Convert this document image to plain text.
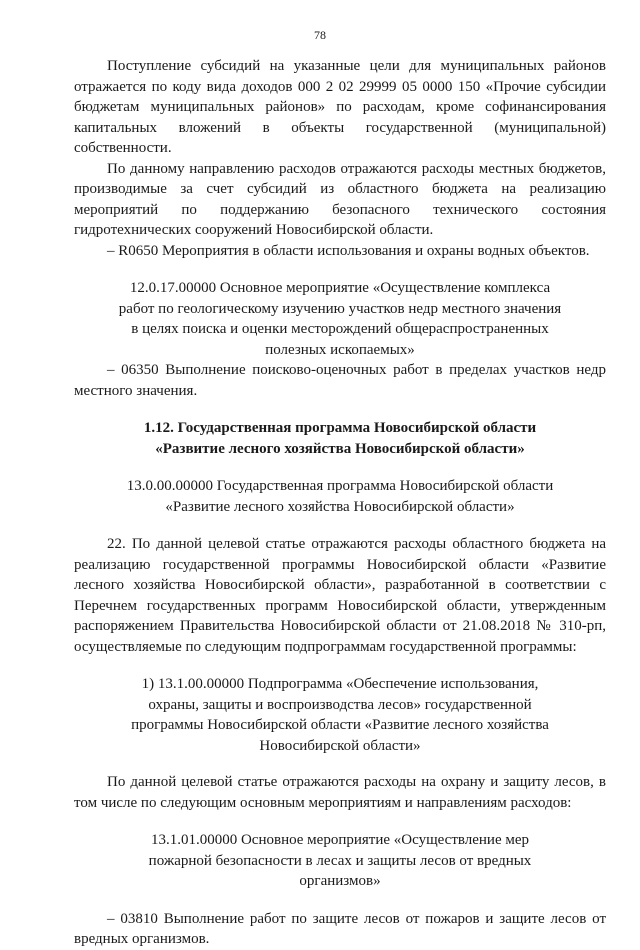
78

Поступление субсидий на указанные цели для муниципальных районов отражается по коду вида доходов 000 2 02 29999 05 0000 150 «Прочие субсидии бюджетам муниципальных районов» по расходам, кроме софинансирования капитальных вложений в объекты государственной (муниципальной) собственности.

По данному направлению расходов отражаются расходы местных бюджетов, производимые за счет субсидий из областного бюджета на реализацию мероприятий по поддержанию безопасного технического состояния гидротехнических сооружений Новосибирской области.

– R0650 Мероприятия в области использования и охраны водных объектов.

12.0.17.00000 Основное мероприятие «Осуществление комплекса работ по геологическому изучению участков недр местного значения в целях поиска и оценки месторождений общераспространенных полезных ископаемых»

– 06350 Выполнение поисково-оценочных работ в пределах участков недр местного значения.

1.12. Государственная программа Новосибирской области

«Развитие лесного хозяйства Новосибирской области»

13.0.00.00000 Государственная программа Новосибирской области «Развитие лесного хозяйства Новосибирской области»

22. По данной целевой статье отражаются расходы областного бюджета на реализацию государственной программы Новосибирской области «Развитие лесного хозяйства Новосибирской области», разработанной в соответствии с Перечнем государственных программ Новосибирской области, утвержденным распоряжением Правительства Новосибирской области от 21.08.2018 № 310-рп, осуществляемые по следующим подпрограммам государственной программы:

1) 13.1.00.00000 Подпрограмма «Обеспечение использования, охраны, защиты и воспроизводства лесов» государственной программы Новосибирской области «Развитие лесного хозяйства Новосибирской области»

По данной целевой статье отражаются расходы на охрану и защиту лесов, в том числе по следующим основным мероприятиям и направлениям расходов:

13.1.01.00000 Основное мероприятие «Осуществление мер пожарной безопасности в лесах и защиты лесов от вредных организмов»

– 03810 Выполнение работ по защите лесов от пожаров и защите лесов от вредных организмов.
